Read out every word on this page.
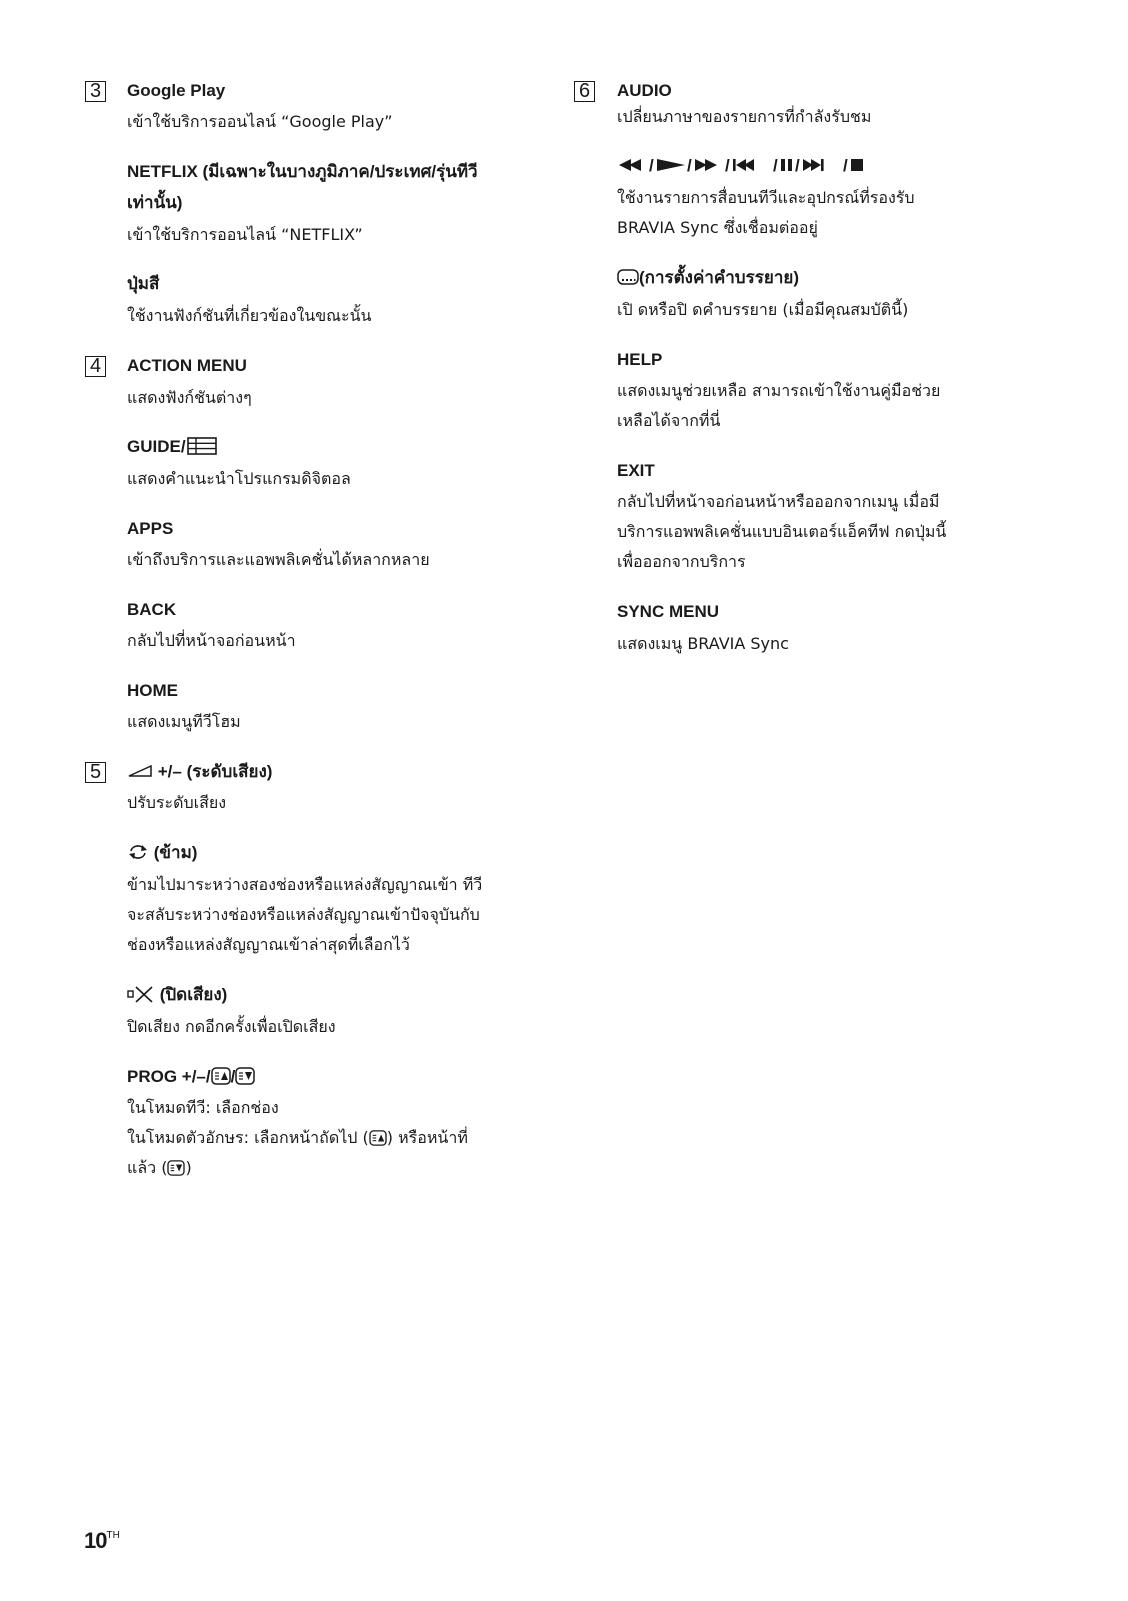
3 Google Play
เข้าใช้บริการออนไลน์ “Google Play”
NETFLIX (มีเฉพาะในบางภูมิภาค/ประเทศ/รุ่นทีวี
เท่านั้น)
เข้าใช้บริการออนไลน์ “NETFLIX”
ปุ่มสี
ใช้งานฟังก์ชันที่เกี่ยวข้องในขณะนั้น
4 ACTION MENU
แสดงฟังก์ชันต่างๆ
GUIDE/
แสดงคำแนะนำโปรแกรมดิจิตอล
APPS
เข้าถึงบริการและแอพพลิเคชั่นได้หลากหลาย
BACK
กลับไปที่หน้าจอก่อนหน้า
HOME
แสดงเมนูทีวีโฮม
5	+/– (ระดับเสียง)
ปรับระดับเสียง
(ข้าม)
ข้ามไปมาระหว่างสองช่องหรือแหล่งสัญญาณเข้า ทีวี
จะสลับระหว่างช่องหรือแหล่งสัญญาณเข้าปัจจุบันกับ
ช่องหรือแหล่งสัญญาณเข้าล่าสุดที่เลือกไว้
(ปิดเสียง)
ปิดเสียง กดอีกครั้งเพื่อเปิดเสียง
PROG +/–/ /
ในโหมดทีวี: เลือกช่อง
ในโหมดตัวอักษร: เลือกหน้าถัดไป ( ) หรือหน้าที่
แล้ว ( )
6 AUDIO
เปลี่ยนภาษาของรายการที่กำลังรับชม
/ / /	/ /	/
ใช้งานรายการสื่อบนทีวีและอุปกรณ์ที่รองรับ
BRAVIA Sync ซึ่งเชื่อมต่ออยู่
(การตั้งค่าคำบรรยาย)
เปิ ดหรือปิ ดคำบรรยาย (เมื่อมีคุณสมบัตินี้)
HELP
แสดงเมนูช่วยเหลือ สามารถเข้าใช้งานคู่มือช่วย
เหลือได้จากที่นี่
EXIT
กลับไปที่หน้าจอก่อนหน้าหรือออกจากเมนู เมื่อมี
บริการแอพพลิเคชั่นแบบอินเตอร์แอ็คทีฟ กดปุ่มนี้
เพื่อออกจากบริการ
SYNC MENU
แสดงเมนู BRAVIA Sync
10TH
